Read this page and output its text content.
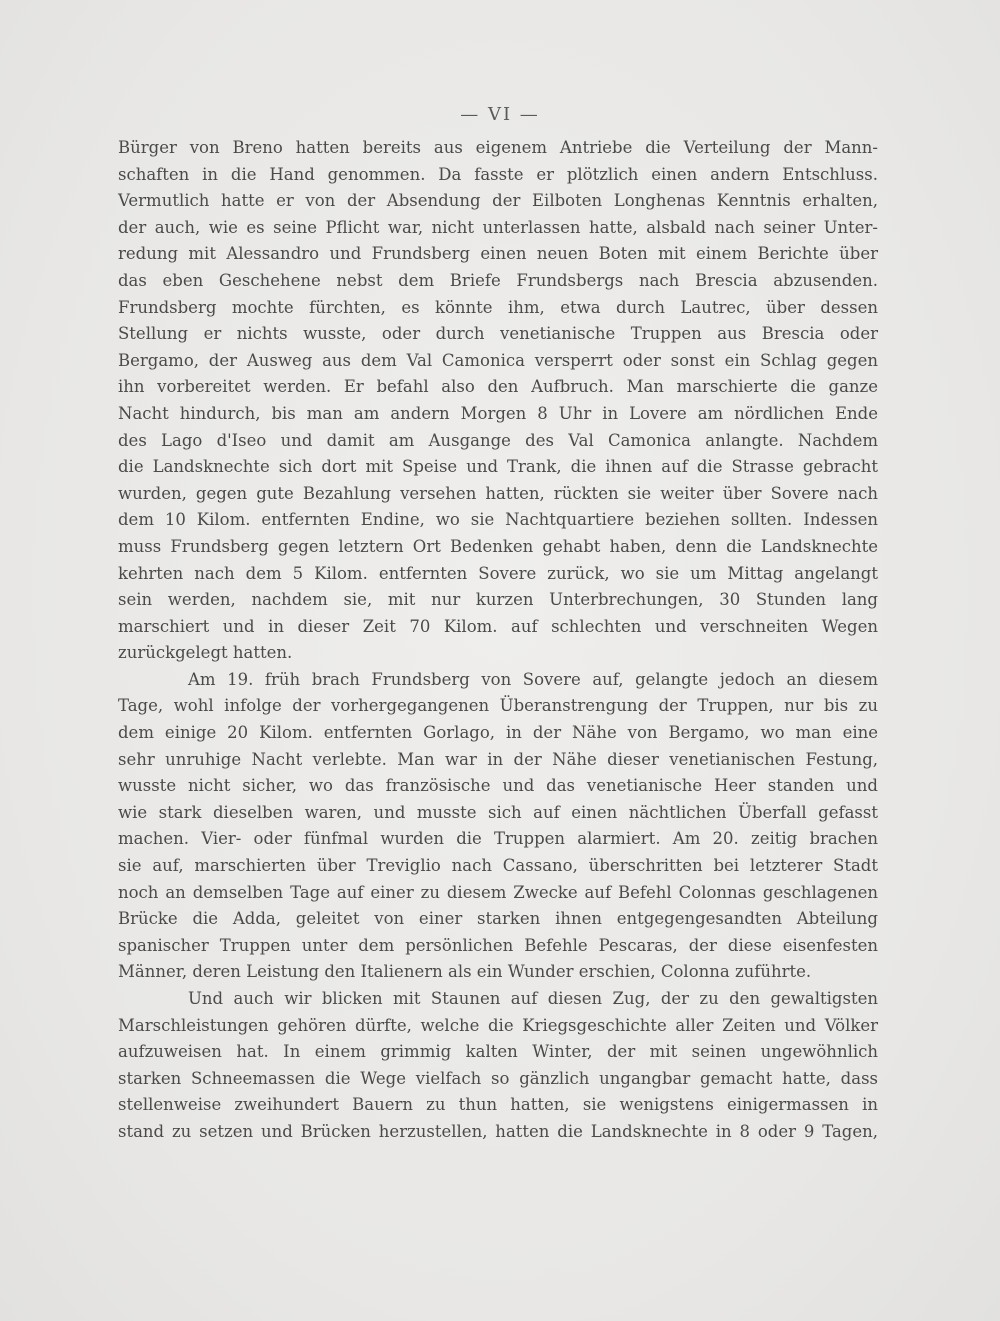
— VI —
Bürger von Breno hatten bereits aus eigenem Antriebe die Verteilung der Mann-
schaften in die Hand genommen. Da fasste er plötzlich einen andern Entschluss.
Vermutlich hatte er von der Absendung der Eilboten Longhenas Kenntnis erhalten,
der auch, wie es seine Pflicht war, nicht unterlassen hatte, alsbald nach seiner Unter-
redung mit Alessandro und Frundsberg einen neuen Boten mit einem Berichte über
das eben Geschehene nebst dem Briefe Frundsbergs nach Brescia abzusenden.
Frundsberg mochte fürchten, es könnte ihm, etwa durch Lautrec, über dessen
Stellung er nichts wusste, oder durch venetianische Truppen aus Brescia oder
Bergamo, der Ausweg aus dem Val Camonica versperrt oder sonst ein Schlag gegen
ihn vorbereitet werden. Er befahl also den Aufbruch. Man marschierte die ganze
Nacht hindurch, bis man am andern Morgen 8 Uhr in Lovere am nördlichen Ende
des Lago d'Iseo und damit am Ausgange des Val Camonica anlangte. Nachdem
die Landsknechte sich dort mit Speise und Trank, die ihnen auf die Strasse gebracht
wurden, gegen gute Bezahlung versehen hatten, rückten sie weiter über Sovere nach
dem 10 Kilom. entfernten Endine, wo sie Nachtquartiere beziehen sollten. Indessen
muss Frundsberg gegen letztern Ort Bedenken gehabt haben, denn die Landsknechte
kehrten nach dem 5 Kilom. entfernten Sovere zurück, wo sie um Mittag angelangt
sein werden, nachdem sie, mit nur kurzen Unterbrechungen, 30 Stunden lang
marschiert und in dieser Zeit 70 Kilom. auf schlechten und verschneiten Wegen
zurückgelegt hatten.
Am 19. früh brach Frundsberg von Sovere auf, gelangte jedoch an diesem
Tage, wohl infolge der vorhergegangenen Überanstrengung der Truppen, nur bis zu
dem einige 20 Kilom. entfernten Gorlago, in der Nähe von Bergamo, wo man eine
sehr unruhige Nacht verlebte. Man war in der Nähe dieser venetianischen Festung,
wusste nicht sicher, wo das französische und das venetianische Heer standen und
wie stark dieselben waren, und musste sich auf einen nächtlichen Überfall gefasst
machen. Vier- oder fünfmal wurden die Truppen alarmiert. Am 20. zeitig brachen
sie auf, marschierten über Treviglio nach Cassano, überschritten bei letzterer Stadt
noch an demselben Tage auf einer zu diesem Zwecke auf Befehl Colonnas geschlagenen
Brücke die Adda, geleitet von einer starken ihnen entgegengesandten Abteilung
spanischer Truppen unter dem persönlichen Befehle Pescaras, der diese eisenfesten
Männer, deren Leistung den Italienern als ein Wunder erschien, Colonna zuführte.
Und auch wir blicken mit Staunen auf diesen Zug, der zu den gewaltigsten
Marschleistungen gehören dürfte, welche die Kriegsgeschichte aller Zeiten und Völker
aufzuweisen hat. In einem grimmig kalten Winter, der mit seinen ungewöhnlich
starken Schneemassen die Wege vielfach so gänzlich ungangbar gemacht hatte, dass
stellenweise zweihundert Bauern zu thun hatten, sie wenigstens einigermassen in
stand zu setzen und Brücken herzustellen, hatten die Landsknechte in 8 oder 9 Tagen,
